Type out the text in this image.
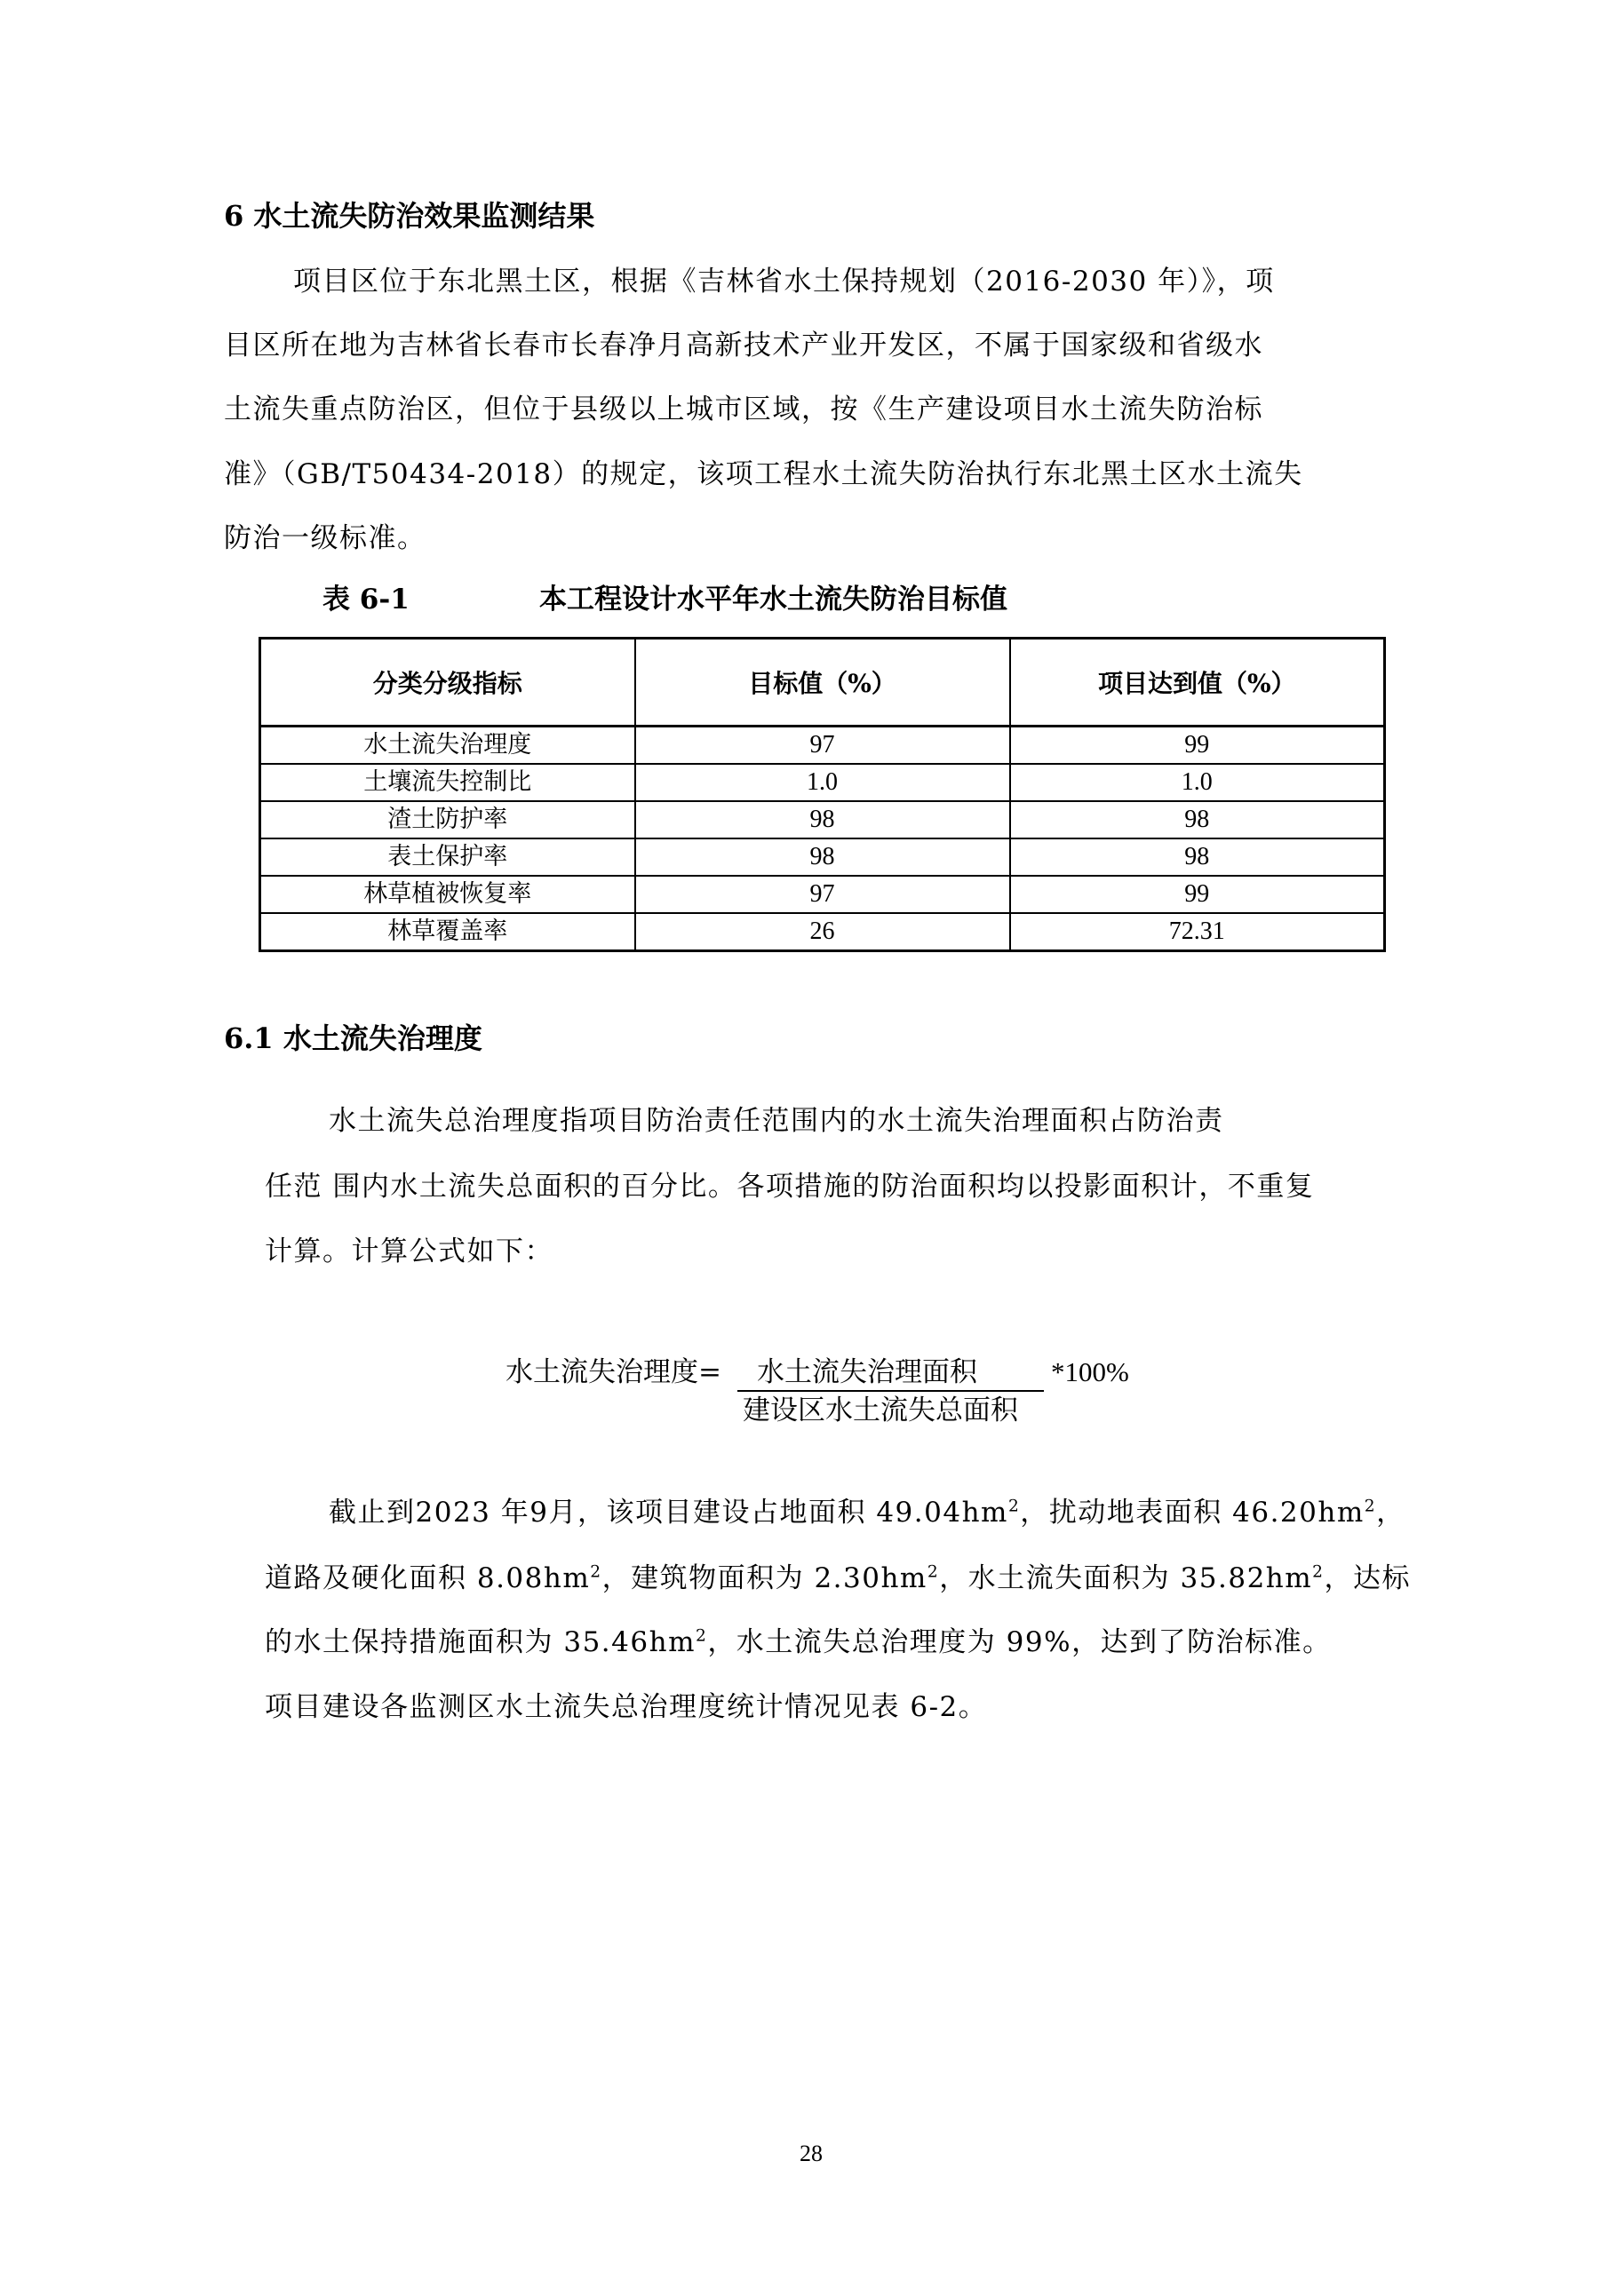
6 水土流失防治效果监测结果
项目区位于东北黑土区，根据《吉林省水土保持规划（2016-2030 年）》，项
目区所在地为吉林省长春市长春净月高新技术产业开发区，不属于国家级和省级水
土流失重点防治区，但位于县级以上城市区域，按《生产建设项目水土流失防治标
准》（GB/T50434-2018）的规定，该项工程水土流失防治执行东北黑土区水土流失
防治一级标准。
表 6-1	本工程设计水平年水土流失防治目标值
分类分级指标	目标值（%）	项目达到值（%）
水土流失治理度	97	99
土壤流失控制比	1.0	1.0
渣土防护率	98	98
表土保护率	98	98
林草植被恢复率	97	99
林草覆盖率	26	72.31
6.1 水土流失治理度
水土流失总治理度指项目防治责任范围内的水土流失治理面积占防治责
任范 围内水土流失总面积的百分比。各项措施的防治面积均以投影面积计，不重复
计算。计算公式如下：
水土流失治理度= 水土流失治理面积
建设区水土流失总面积
*100%
截止到2023 年9月，该项目建设占地面积 $49.04hm^2$，扰动地表面积 $46.20hm^2$，
道路及硬化面积 $8.08hm^2$，建筑物面积为 $2.30hm^2$，水土流失面积为 $35.82hm^2$，达标
的水土保持措施面积为 $35.46hm^2$，水土流失总治理度为 99%，达到了防治标准。
项目建设各监测区水土流失总治理度统计情况见表 6-2。
28
